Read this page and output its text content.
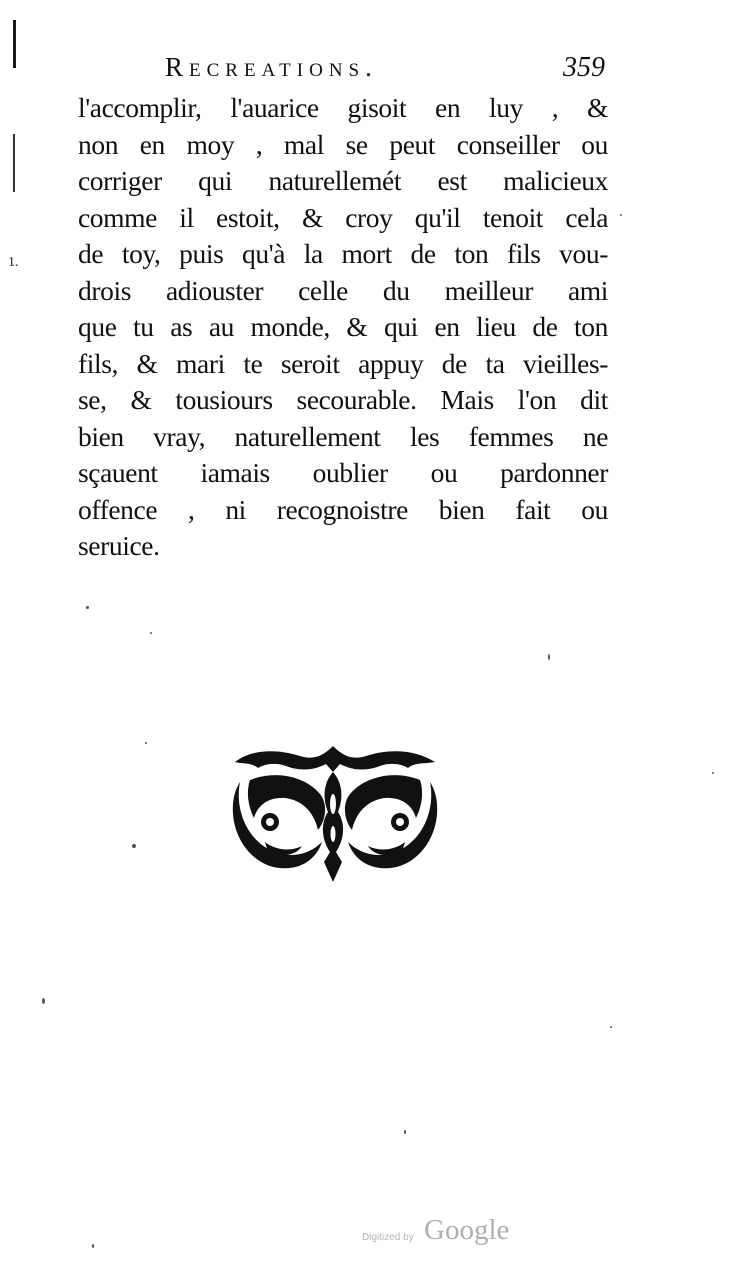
Recreations.	359
1.
l'accomplir, l'auarice gisoit en luy , &
non en moy , mal se peut conseiller ou
corriger qui naturellemét est malicieux
comme il estoit, & croy qu'il tenoit cela
de toy, puis qu'à la mort de ton fils vou-
drois adiouster celle du meilleur ami
que tu as au monde, & qui en lieu de ton
fils, & mari te seroit appuy de ta vieilles-
se, & tousiours secourable. Mais l'on dit
bien vray, naturellement les femmes ne
sçauent iamais oublier ou pardonner
offence , ni recognoistre bien fait ou
seruice.
Digitized by Google
